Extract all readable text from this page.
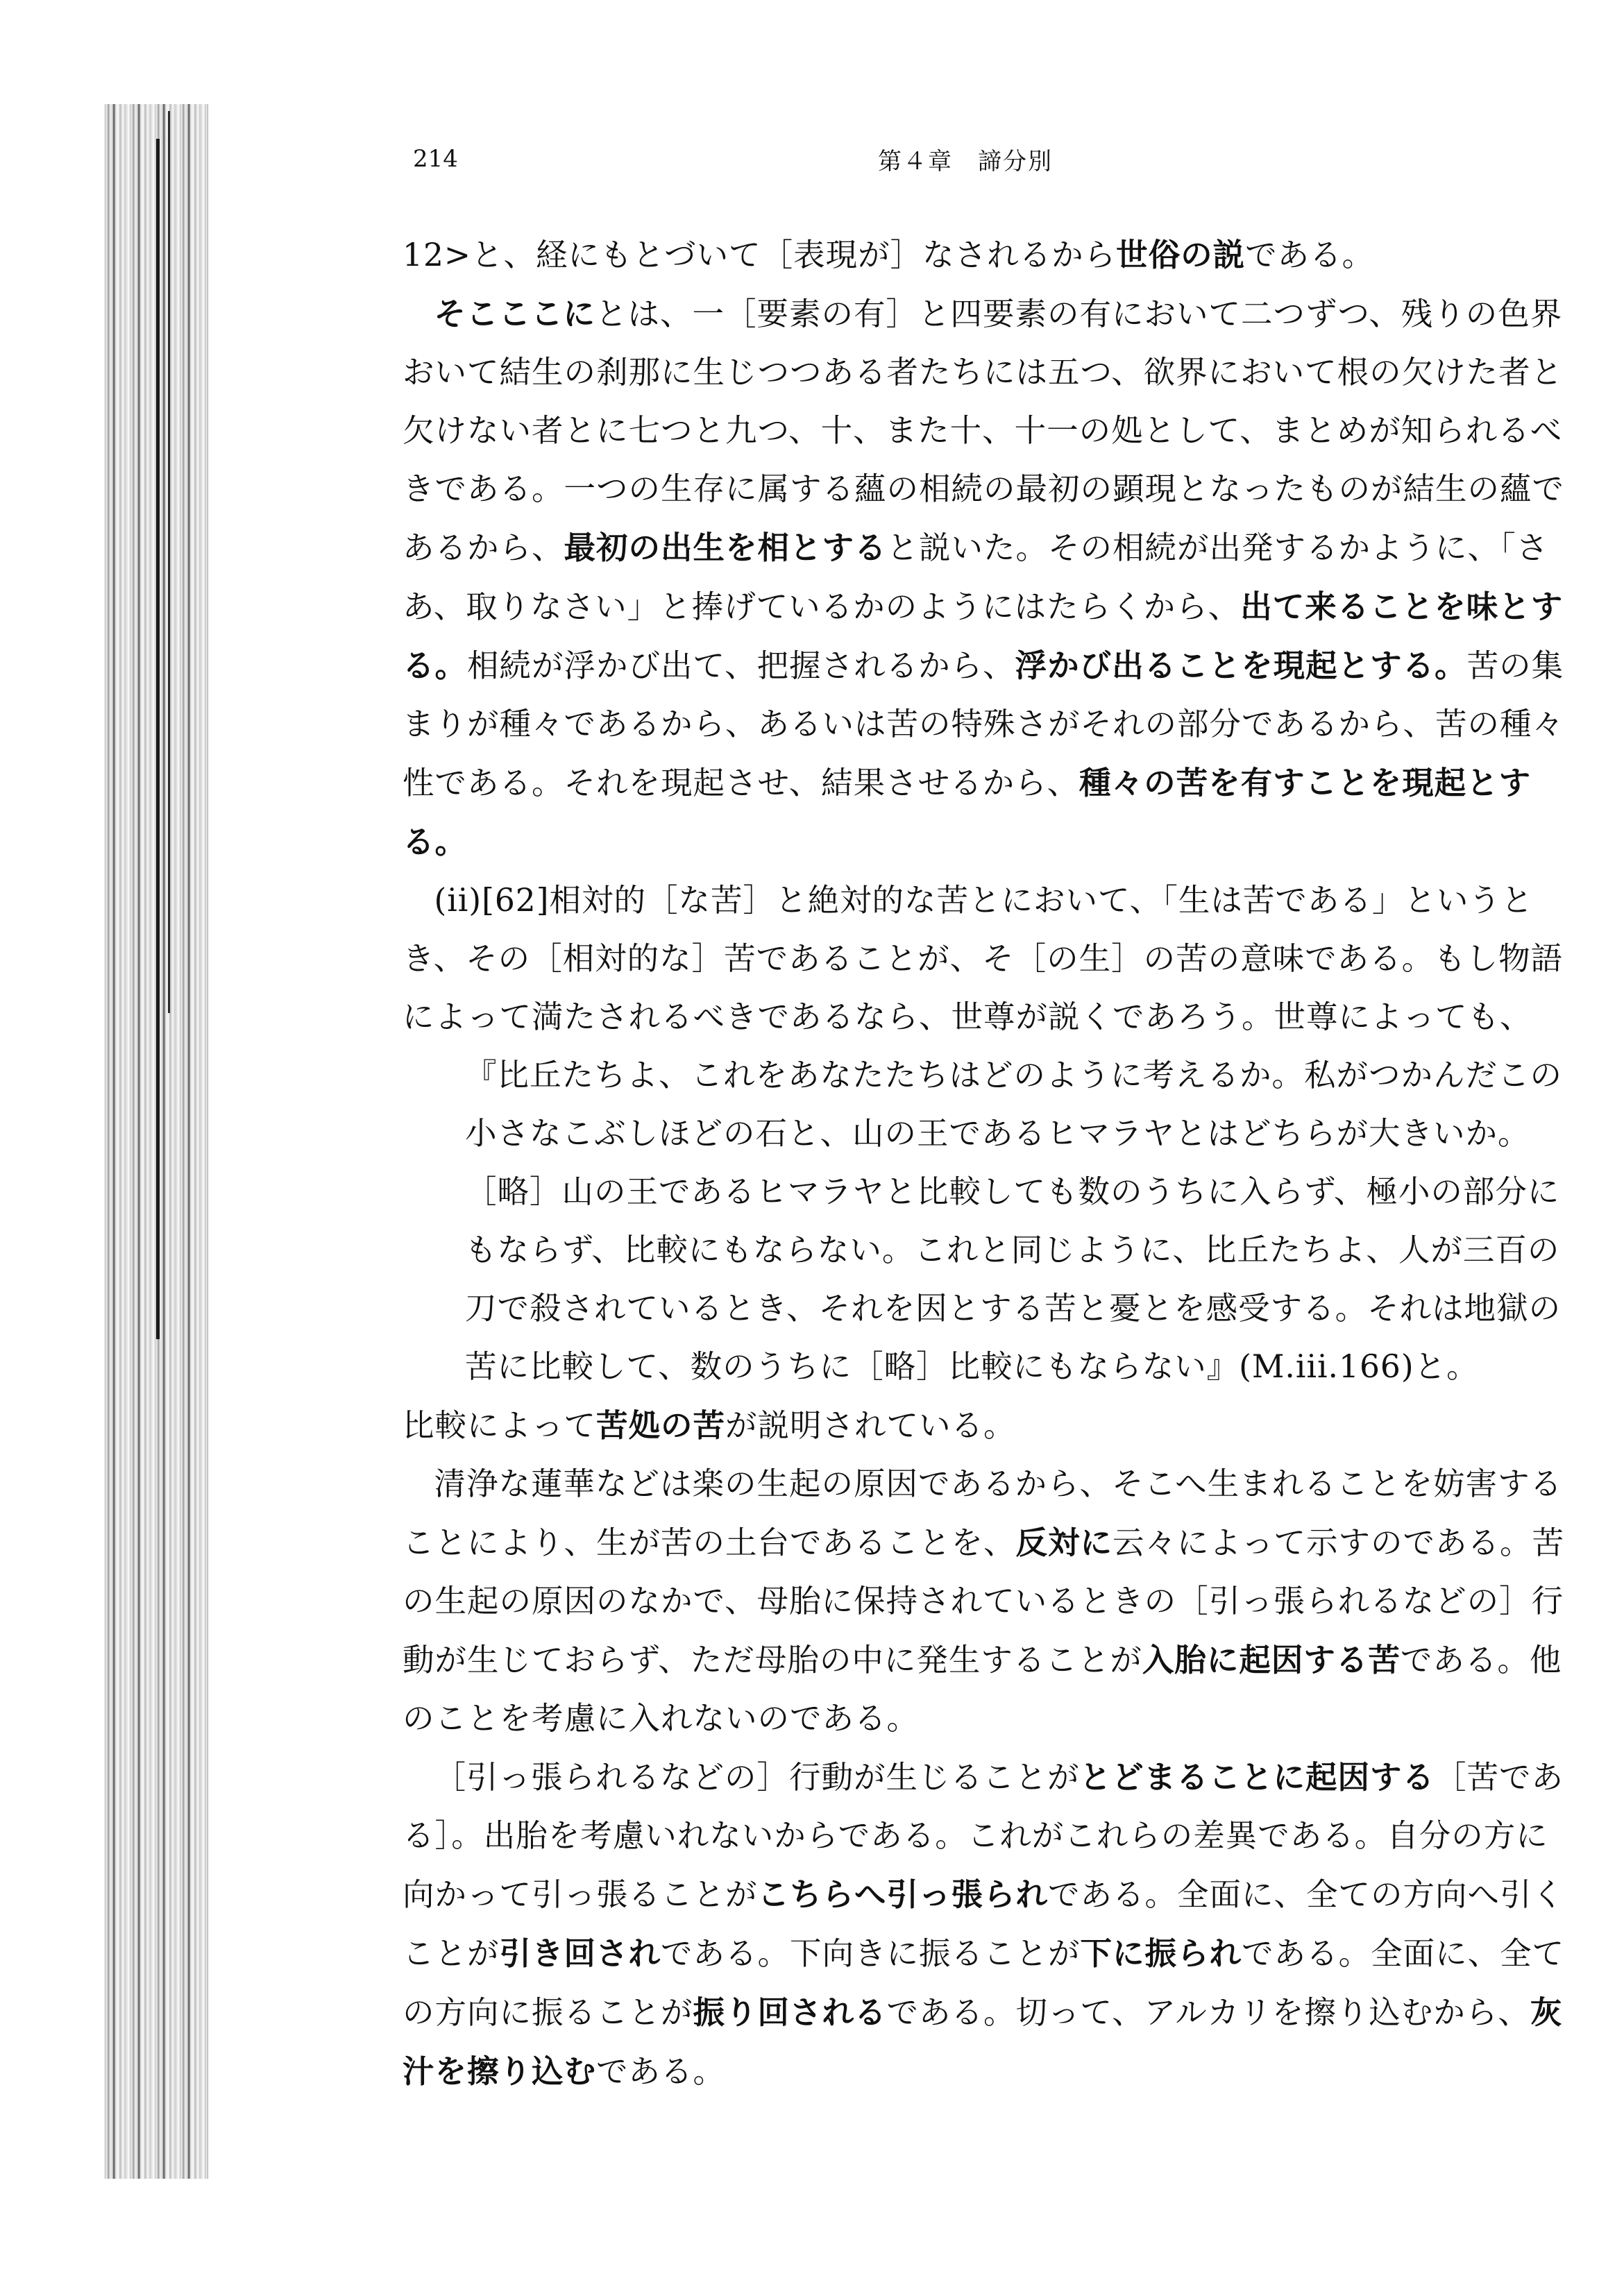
214	第４章　諦分別

12>と、経にもとづいて［表現が］なされるから世俗の説である。

そこここにとは、一［要素の有］と四要素の有において二つずつ、残りの色界おいて結生の刹那に生じつつある者たちには五つ、欲界において根の欠けた者と欠けない者とに七つと九つ、十、また十、十一の処として、まとめが知られるべきである。一つの生存に属する蘊の相続の最初の顕現となったものが結生の蘊であるから、最初の出生を相とすると説いた。その相続が出発するかように、「さあ、取りなさい」と捧げているかのようにはたらくから、出て来ることを味とする。相続が浮かび出て、把握されるから、浮かび出ることを現起とする。苦の集まりが種々であるから、あるいは苦の特殊さがそれの部分であるから、苦の種々性である。それを現起させ、結果させるから、種々の苦を有すことを現起とする。

(ii)[62]相対的［な苦］と絶対的な苦とにおいて、「生は苦である」というとき、その［相対的な］苦であることが、そ［の生］の苦の意味である。もし物語によって満たされるべきであるなら、世尊が説くであろう。世尊によっても、

『比丘たちよ、これをあなたたちはどのように考えるか。私がつかんだこの小さなこぶしほどの石と、山の王であるヒマラヤとはどちらが大きいか。［略］山の王であるヒマラヤと比較しても数のうちに入らず、極小の部分にもならず、比較にもならない。これと同じように、比丘たちよ、人が三百の刀で殺されているとき、それを因とする苦と憂とを感受する。それは地獄の苦に比較して、数のうちに［略］比較にもならない』(M.iii.166)と。

比較によって苦処の苦が説明されている。

清浄な蓮華などは楽の生起の原因であるから、そこへ生まれることを妨害することにより、生が苦の土台であることを、反対に云々によって示すのである。苦の生起の原因のなかで、母胎に保持されているときの［引っ張られるなどの］行動が生じておらず、ただ母胎の中に発生することが入胎に起因する苦である。他のことを考慮に入れないのである。

［引っ張られるなどの］行動が生じることがとどまることに起因する［苦である］。出胎を考慮いれないからである。これがこれらの差異である。自分の方に向かって引っ張ることがこちらへ引っ張られである。全面に、全ての方向へ引くことが引き回されである。下向きに振ることが下に振られである。全面に、全ての方向に振ることが振り回されるである。切って、アルカリを擦り込むから、灰汁を擦り込むである。
